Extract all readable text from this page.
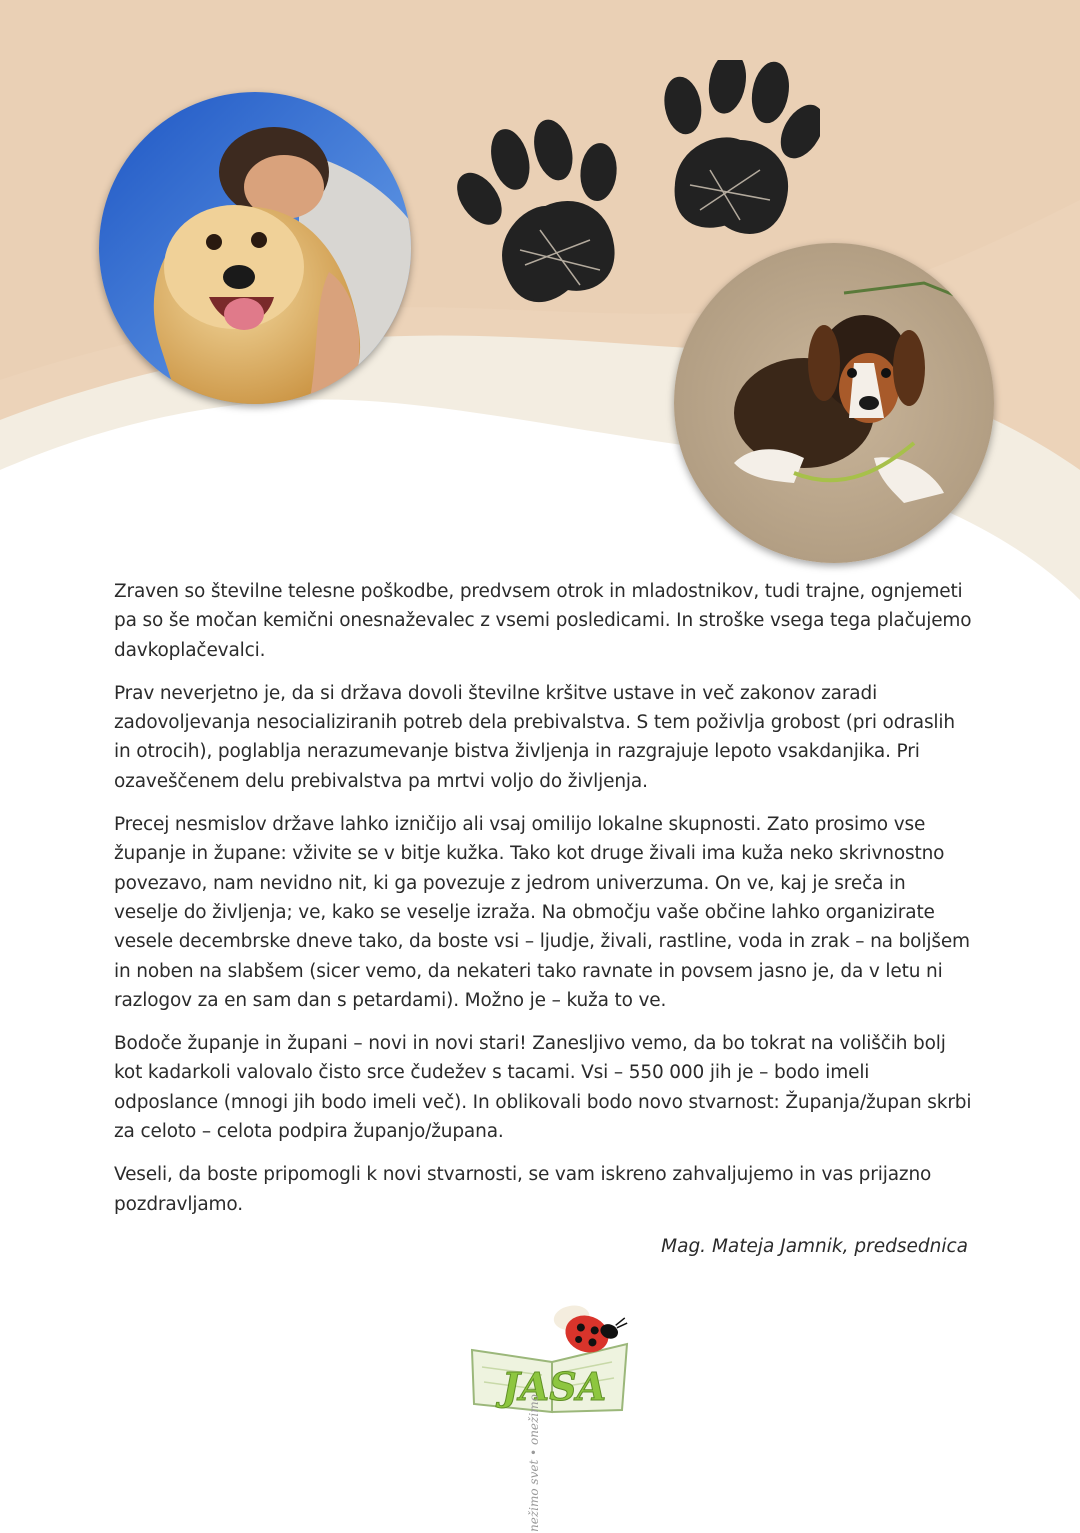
Zraven so številne telesne poškodbe, predvsem otrok in mladostnikov, tudi trajne, ognjemeti pa so še močan kemični onesnaževalec z vsemi posledicami. In stroške vsega tega plačujemo davkoplačevalci.

Prav neverjetno je, da si država dovoli številne kršitve ustave in več zakonov zaradi zadovoljevanja nesocializiranih potreb dela prebivalstva. S tem poživlja grobost (pri odraslih in otrocih), poglablja nerazumevanje bistva življenja in razgrajuje lepoto vsakdanjika. Pri ozaveščenem delu prebivalstva pa mrtvi voljo do življenja.

Precej nesmislov države lahko izničijo ali vsaj omilijo lokalne skupnosti. Zato prosimo vse županje in župane: vživite se v bitje kužka. Tako kot druge živali ima kuža neko skrivnostno povezavo, nam nevidno nit, ki ga povezuje z jedrom univerzuma. On ve, kaj je sreča in veselje do življenja; ve, kako se veselje izraža. Na območju vaše občine lahko organizirate vesele decembrske dneve tako, da boste vsi – ljudje, živali, rastline, voda in zrak – na boljšem in noben na slabšem (sicer vemo, da nekateri tako ravnate in povsem jasno je, da v letu ni razlogov za en sam dan s petardami). Možno je – kuža to ve.

Bodoče županje in župani – novi in novi stari! Zanesljivo vemo, da bo tokrat na voliščih bolj kot kadarkoli valovalo čisto srce čudežev s tacami. Vsi – 550 000 jih je – bodo imeli odposlance (mnogi jih bodo imeli več). In oblikovali bodo novo stvarnost: Županja/župan skrbi za celoto – celota podpira županjo/župana.

Veseli, da boste pripomogli k novi stvarnosti, se vam iskreno zahvaljujemo in vas prijazno pozdravljamo.

Mag. Mateja Jamnik, predsednica
JASA
nežimo svet • onežimo
